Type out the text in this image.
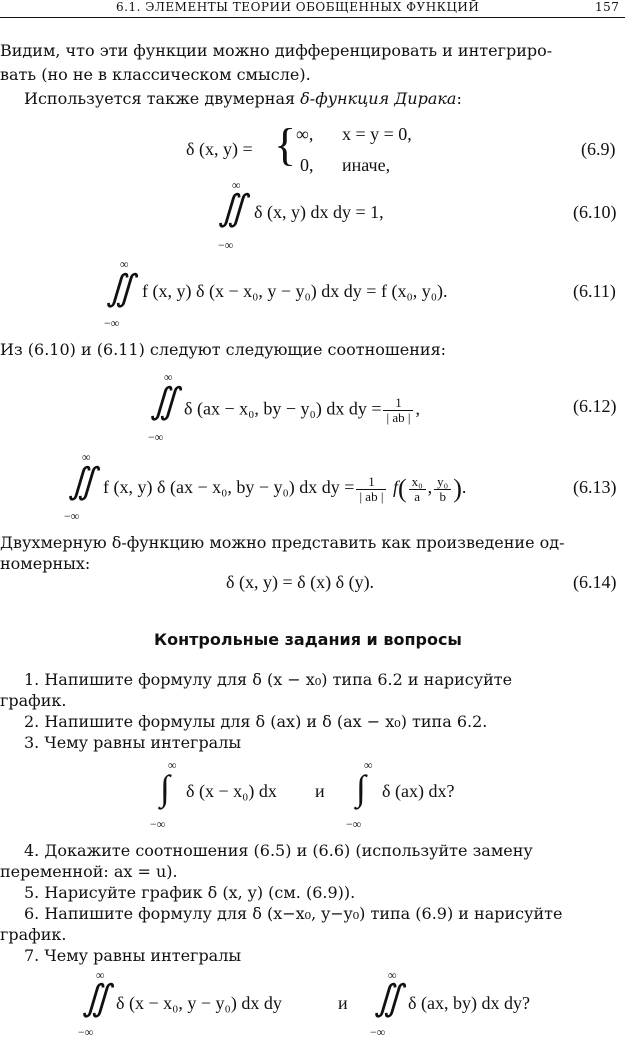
6.1. ЭЛЕМЕНТЫ ТЕОРИИ ОБОБЩЕННЫХ ФУНКЦИЙ	157
Видим, что эти функции можно дифференцировать и интегриро-
вать (но не в классическом смысле).
Используется также двумерная δ-функция Дирака:
δ (x, y) = { ∞, x = y = 0,
0, иначе,
(6.9)
∞
∬
−∞
δ (x, y) dx dy = 1,	(6.10)
∞
∬
−∞
f (x, y) δ (x − x₀, y − y₀) dx dy = f (x₀, y₀).	(6.11)
Из (6.10) и (6.11) следуют следующие соотношения:
∞
∬
−∞
δ (ax − x₀, by − y₀) dx dy = $\frac{1}{| ab |}$ ,	(6.12)
∞
∬
−∞
f (x, y) δ (ax − x₀, by − y₀) dx dy = $\frac{1}{| ab |} f( \frac{\text{x₀}}{a}$ , $\frac{\text{y₀}}{b}$ ).	(6.13)
Двухмерную δ-функцию можно представить как произведение од-
номерных:
δ (x, y) = δ (x) δ (y).	(6.14)
Контрольные задания и вопросы
1. Напишите формулу для δ (x − x₀) типа 6.2 и нарисуйте
график.
2. Напишите формулы для δ (ax) и δ (ax − x₀) типа 6.2.
3. Чему равны интегралы
∞
∫
−∞
δ (x − x₀) dx и
∞
∫
−∞
δ (ax) dx?
4. Докажите соотношения (6.5) и (6.6) (используйте замену
переменной: ax = u).
5. Нарисуйте график δ (x, y) (см. (6.9)).
6. Напишите формулу для δ (x−x₀, y−y₀) типа (6.9) и нарисуйте
график.
7. Чему равны интегралы
∞
∬
−∞
δ (x − x₀, y − y₀) dx dy	и
∞
∬
−∞
δ (ax, by) dx dy?
